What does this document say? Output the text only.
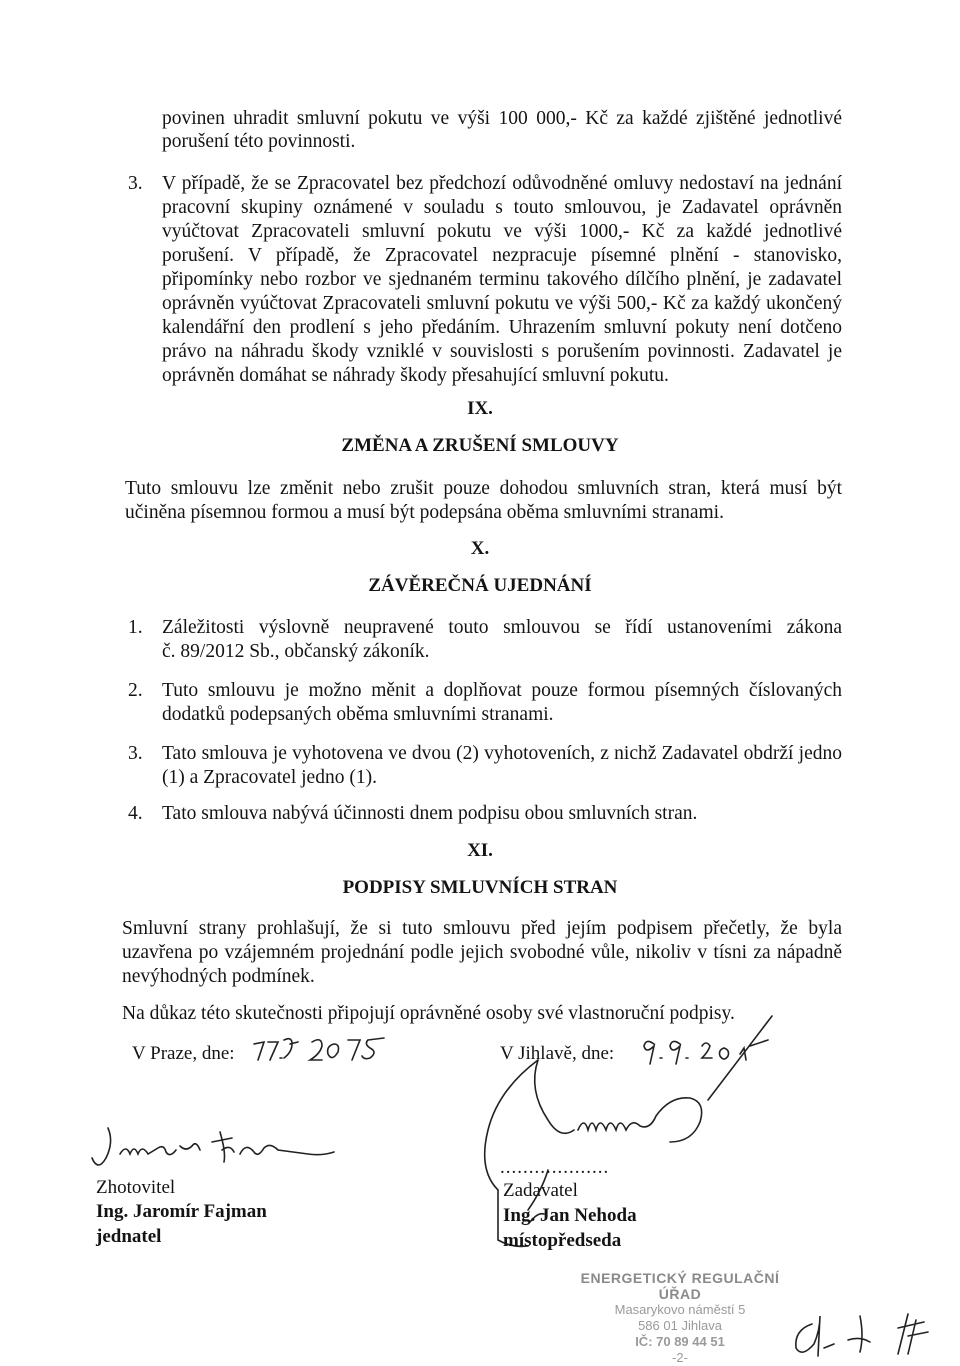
povinen uhradit smluvní pokutu ve výši 100 000,- Kč za každé zjištěné jednotlivé
porušení této povinnosti.
3. V případě, že se Zpracovatel bez předchozí odůvodněné omluvy nedostaví na jednání
pracovní skupiny oznámené v souladu s touto smlouvou, je Zadavatel oprávněn
vyúčtovat Zpracovateli smluvní pokutu ve výši 1000,- Kč za každé jednotlivé
porušení. V případě, že Zpracovatel nezpracuje písemné plnění - stanovisko,
připomínky nebo rozbor ve sjednaném terminu takového dílčího plnění, je zadavatel
oprávněn vyúčtovat Zpracovateli smluvní pokutu ve výši 500,- Kč za každý ukončený
kalendářní den prodlení s jeho předáním. Uhrazením smluvní pokuty není dotčeno
právo na náhradu škody vzniklé v souvislosti s porušením povinnosti. Zadavatel je
oprávněn domáhat se náhrady škody přesahující smluvní pokutu.
IX.
ZMĚNA A ZRUŠENÍ SMLOUVY
Tuto smlouvu lze změnit nebo zrušit pouze dohodou smluvních stran, která musí být
učiněna písemnou formou a musí být podepsána oběma smluvními stranami.
X.
ZÁVĚREČNÁ UJEDNÁNÍ
1. Záležitosti výslovně neupravené touto smlouvou se řídí ustanoveními zákona
č. 89/2012 Sb., občanský zákoník.
2. Tuto smlouvu je možno měnit a doplňovat pouze formou písemných číslovaných
dodatků podepsaných oběma smluvními stranami.
3. Tato smlouva je vyhotovena ve dvou (2) vyhotoveních, z nichž Zadavatel obdrží jedno
(1) a Zpracovatel jedno (1).
4. Tato smlouva nabývá účinnosti dnem podpisu obou smluvních stran.
XI.
PODPISY SMLUVNÍCH STRAN
Smluvní strany prohlašují, že si tuto smlouvu před jejím podpisem přečetly, že byla
uzavřena po vzájemném projednání podle jejich svobodné vůle, nikoliv v tísni za nápadně
nevýhodných podmínek.
Na důkaz této skutečnosti připojují oprávněné osoby své vlastnoruční podpisy.
V Praze, dne:
Zhotovitel
Ing. Jaromír Fajman
jednatel
V Jihlavě, dne:
...................
Zadavatel
Ing. Jan Nehoda
místopředseda
ENERGETICKÝ REGULAČNÍ ÚŘAD
Masarykovo náměstí 5
586 01 Jihlava
IČ: 70 89 44 51
-2-
